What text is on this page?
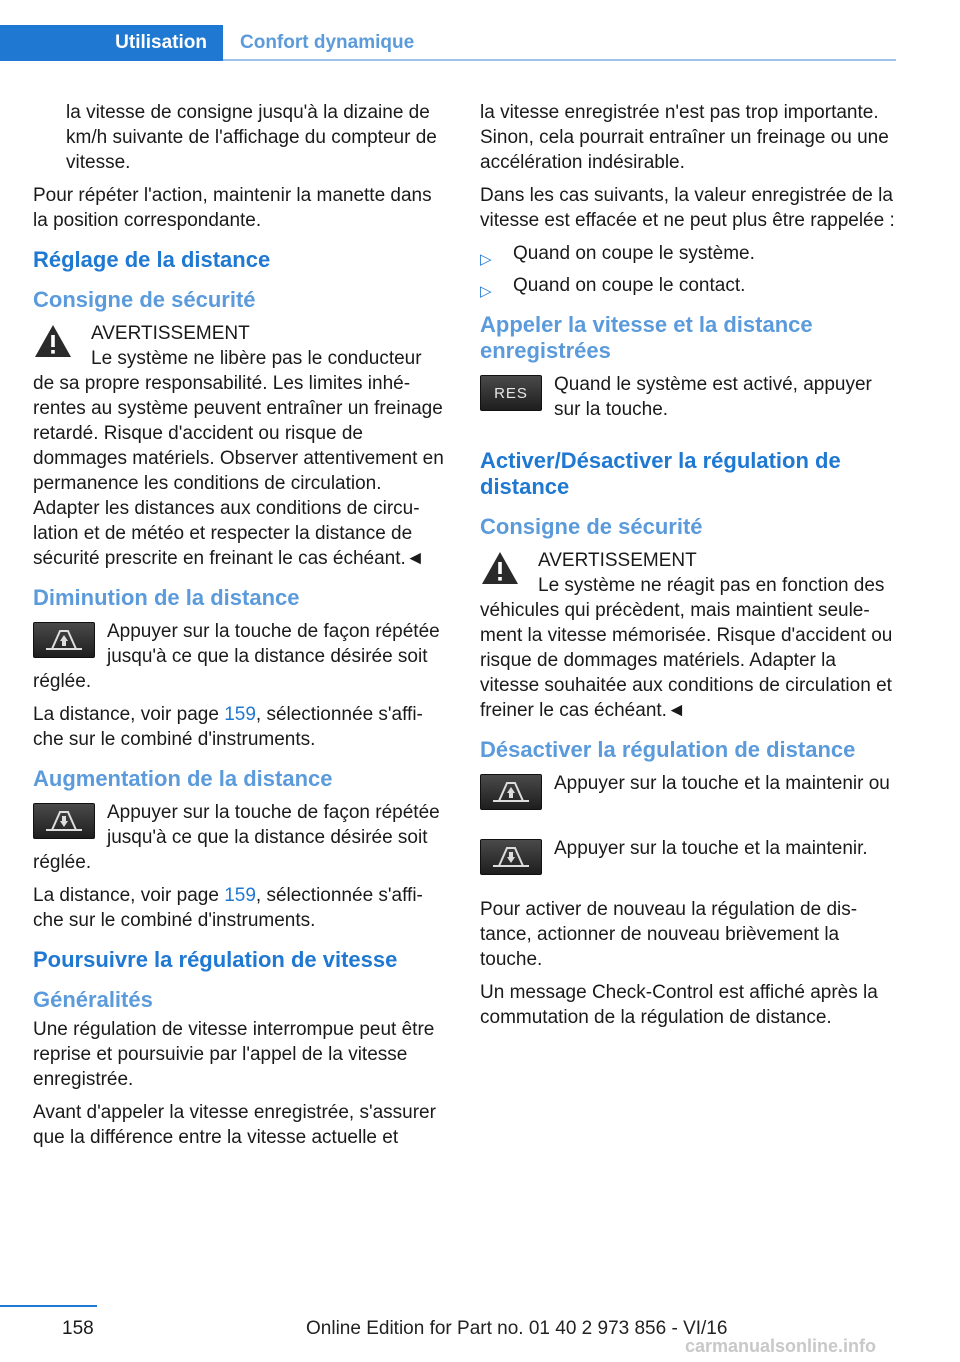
Utilisation	Confort dynamique

la vitesse de consigne jusqu'à la dizaine de km/h suivante de l'affichage du compteur de vitesse.

Pour répéter l'action, maintenir la manette dans la position correspondante.

Réglage de la distance
Consigne de sécurité
AVERTISSEMENT
Le système ne libère pas le conducteur de sa propre responsabilité. Les limites inhérentes au système peuvent entraîner un freinage retardé. Risque d'accident ou risque de dommages matériels. Observer attentivement en permanence les conditions de circulation. Adapter les distances aux conditions de circulation et de météo et respecter la distance de sécurité prescrite en freinant le cas échéant.◄
Diminution de la distance
Appuyer sur la touche de façon répétée jusqu'à ce que la distance désirée soit réglée.

La distance, voir page 159, sélectionnée s'affiche sur le combiné d'instruments.

Augmentation de la distance
Appuyer sur la touche de façon répétée jusqu'à ce que la distance désirée soit réglée.

La distance, voir page 159, sélectionnée s'affiche sur le combiné d'instruments.

Poursuivre la régulation de vitesse
Généralités

Une régulation de vitesse interrompue peut être reprise et poursuivie par l'appel de la vitesse enregistrée.

Avant d'appeler la vitesse enregistrée, s'assurer que la différence entre la vitesse actuelle et

la vitesse enregistrée n'est pas trop importante. Sinon, cela pourrait entraîner un freinage ou une accélération indésirable.

Dans les cas suivants, la valeur enregistrée de la vitesse est effacée et ne peut plus être rappelée :

▷ Quand on coupe le système.
▷ Quand on coupe le contact.
Appeler la vitesse et la distance enregistrées
RES	Quand le système est activé, appuyer sur la touche.
Activer/Désactiver la régulation de distance
Consigne de sécurité
AVERTISSEMENT
Le système ne réagit pas en fonction des véhicules qui précèdent, mais maintient seulement la vitesse mémorisée. Risque d'accident ou risque de dommages matériels. Adapter la vitesse souhaitée aux conditions de circulation et freiner le cas échéant.◄
Désactiver la régulation de distance
Appuyer sur la touche et la maintenir ou
Appuyer sur la touche et la maintenir.

Pour activer de nouveau la régulation de distance, actionner de nouveau brièvement la touche.

Un message Check-Control est affiché après la commutation de la régulation de distance.

158	Online Edition for Part no. 01 40 2 973 856 - VI/16
carmanualsonline.info
